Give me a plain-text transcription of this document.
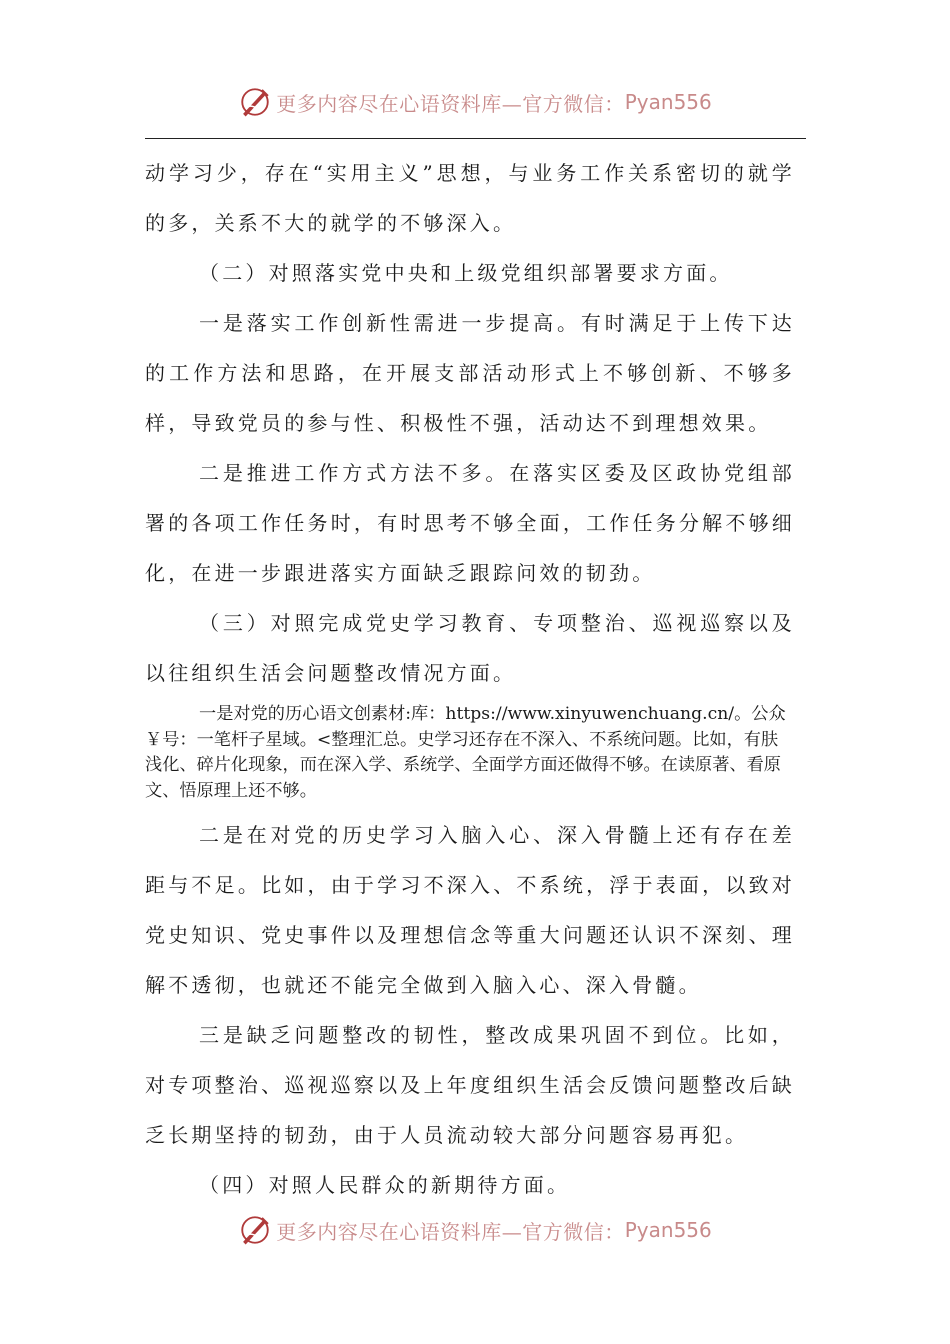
更多内容尽在心语资料库—官方微信： Pyan556

动学习少，存在“实用主义”思想，与业务工作关系密切的就学的多，关系不大的就学的不够深入。

（二）对照落实党中央和上级党组织部署要求方面。

一是落实工作创新性需进一步提高。有时满足于上传下达的工作方法和思路，在开展支部活动形式上不够创新、不够多样，导致党员的参与性、积极性不强，活动达不到理想效果。

二是推进工作方式方法不多。在落实区委及区政协党组部署的各项工作任务时，有时思考不够全面，工作任务分解不够细化，在进一步跟进落实方面缺乏跟踪问效的韧劲。

（三）对照完成党史学习教育、专项整治、巡视巡察以及以往组织生活会问题整改情况方面。

一是对党的历心语文创素材:库：https://www.xinyuwenchuang.cn/。公众￥号：一笔杆子星域。<整理汇总。史学习还存在不深入、不系统问题。比如，有肤浅化、碎片化现象，而在深入学、系统学、全面学方面还做得不够。在读原著、看原文、悟原理上还不够。

二是在对党的历史学习入脑入心、深入骨髓上还有存在差距与不足。比如，由于学习不深入、不系统，浮于表面，以致对党史知识、党史事件以及理想信念等重大问题还认识不深刻、理解不透彻，也就还不能完全做到入脑入心、深入骨髓。

三是缺乏问题整改的韧性，整改成果巩固不到位。比如，对专项整治、巡视巡察以及上年度组织生活会反馈问题整改后缺乏长期坚持的韧劲，由于人员流动较大部分问题容易再犯。

（四）对照人民群众的新期待方面。

更多内容尽在心语资料库—官方微信： Pyan556
